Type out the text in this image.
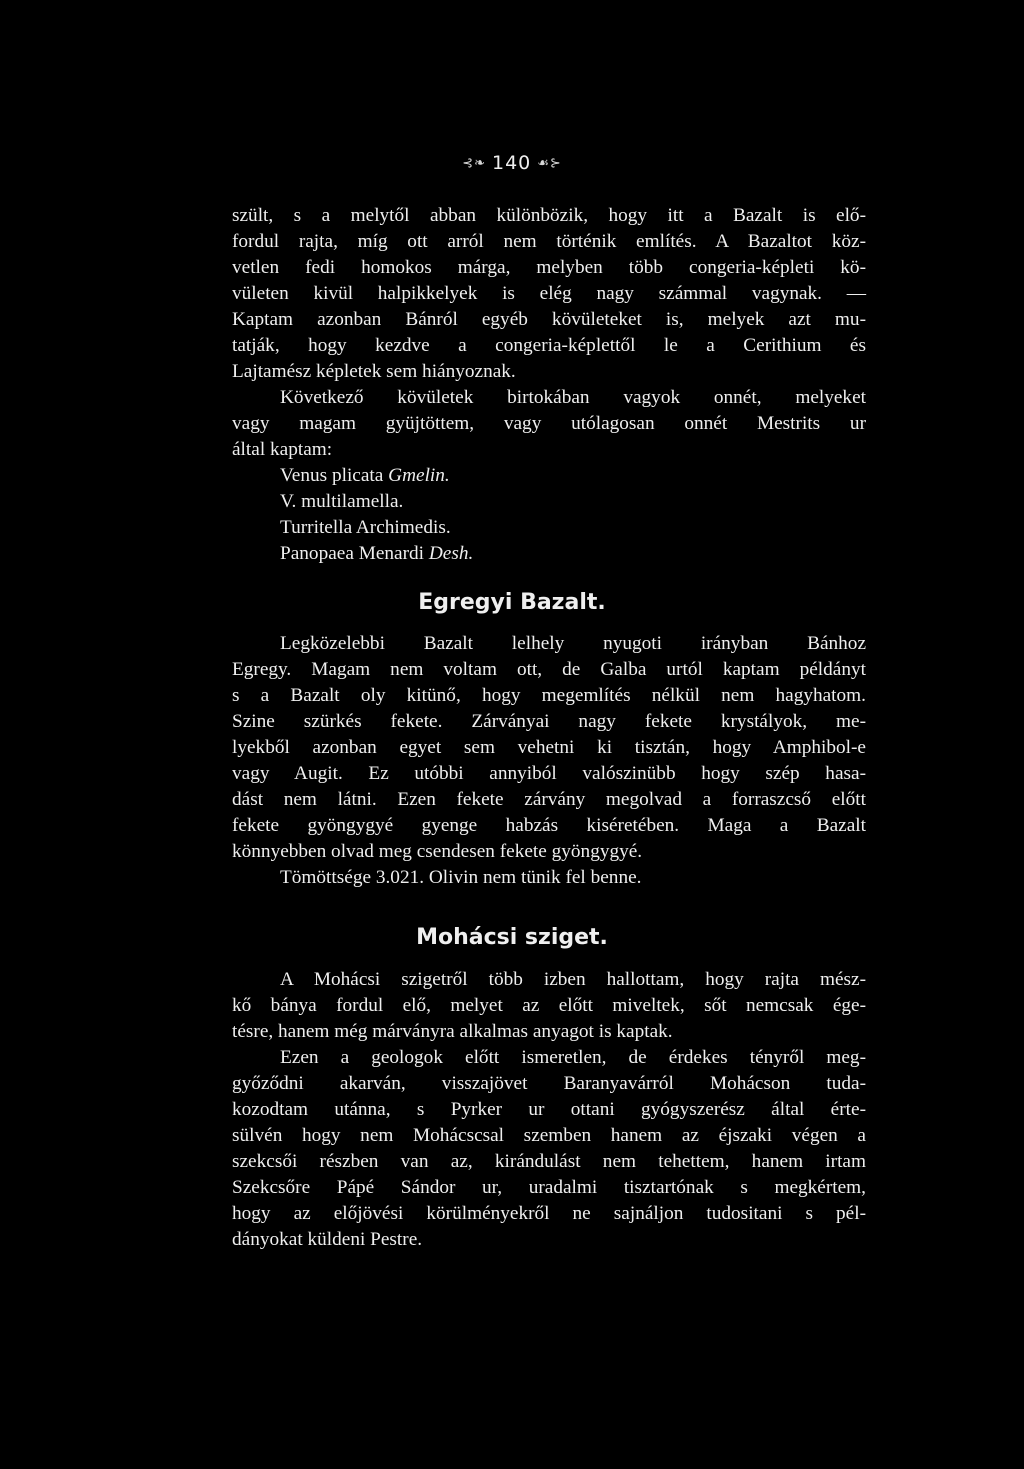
⊰❧ 140 ☙⊱
szült, s a melytől abban különbözik, hogy itt a Bazalt is elő-
fordul rajta, míg ott arról nem történik említés. A Bazaltot köz-
vetlen fedi homokos márga, melyben több congeria-képleti kö-
vületen kivül halpikkelyek is elég nagy számmal vagynak. —
Kaptam azonban Bánról egyéb kövületeket is, melyek azt mu-
tatják, hogy kezdve a congeria-képlettől le a Cerithium és
Lajtamész képletek sem hiányoznak.
Következő kövületek birtokában vagyok onnét, melyeket
vagy magam gyüjtöttem, vagy utólagosan onnét Mestrits ur
által kaptam:
Venus plicata Gmelin.
V. multilamella.
Turritella Archimedis.
Panopaea Menardi Desh.
Egregyi Bazalt.
Legközelebbi Bazalt lelhely nyugoti irányban Bánhoz
Egregy. Magam nem voltam ott, de Galba urtól kaptam példányt
s a Bazalt oly kitünő, hogy megemlítés nélkül nem hagyhatom.
Szine szürkés fekete. Zárványai nagy fekete krystályok, me-
lyekből azonban egyet sem vehetni ki tisztán, hogy Amphibol-e
vagy Augit. Ez utóbbi annyiból valószinübb hogy szép hasa-
dást nem látni. Ezen fekete zárvány megolvad a forraszcső előtt
fekete gyöngygyé gyenge habzás kiséretében. Maga a Bazalt
könnyebben olvad meg csendesen fekete gyöngygyé.
Tömöttsége 3.021. Olivin nem tünik fel benne.
Mohácsi sziget.
A Mohácsi szigetről több izben hallottam, hogy rajta mész-
kő bánya fordul elő, melyet az előtt miveltek, sőt nemcsak ége-
tésre, hanem még márványra alkalmas anyagot is kaptak.
Ezen a geologok előtt ismeretlen, de érdekes tényről meg-
győződni akarván, visszajövet Baranyavárról Mohácson tuda-
kozodtam utánna, s Pyrker ur ottani gyógyszerész által érte-
sülvén hogy nem Mohácscsal szemben hanem az éjszaki végen a
szekcsői részben van az, kirándulást nem tehettem, hanem irtam
Szekcsőre Pápé Sándor ur, uradalmi tisztartónak s megkértem,
hogy az előjövési körülményekről ne sajnáljon tudositani s pél-
dányokat küldeni Pestre.
